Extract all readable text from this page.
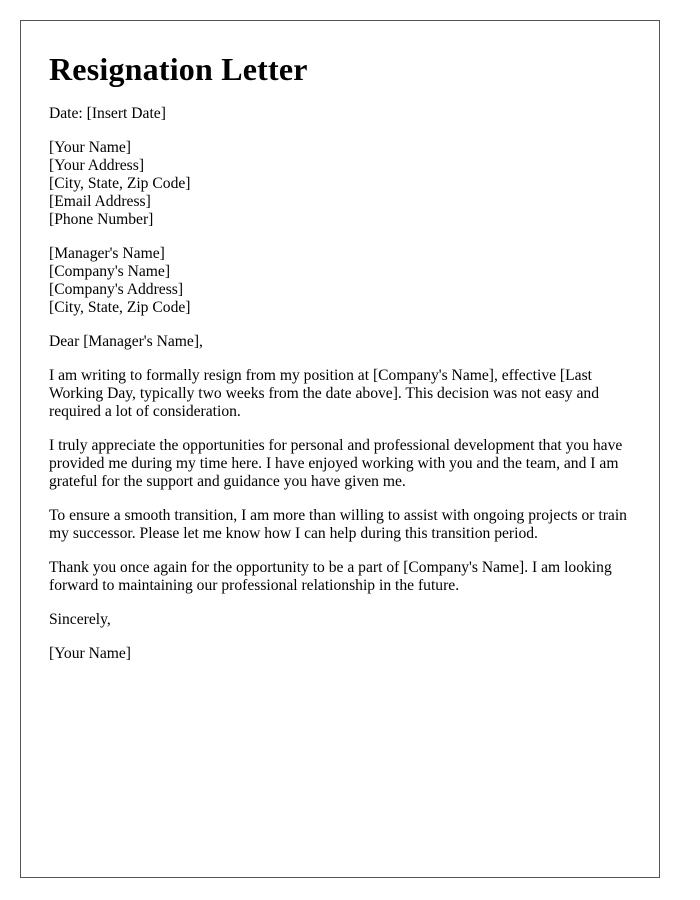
Resignation Letter

Date: [Insert Date]

[Your Name]
[Your Address]
[City, State, Zip Code]
[Email Address]
[Phone Number]
[Manager's Name]
[Company's Name]
[Company's Address]
[City, State, Zip Code]

Dear [Manager's Name],

I am writing to formally resign from my position at [Company's Name], effective [Last Working Day, typically two weeks from the date above]. This decision was not easy and required a lot of consideration.

I truly appreciate the opportunities for personal and professional development that you have provided me during my time here. I have enjoyed working with you and the team, and I am grateful for the support and guidance you have given me.

To ensure a smooth transition, I am more than willing to assist with ongoing projects or train my successor. Please let me know how I can help during this transition period.

Thank you once again for the opportunity to be a part of [Company's Name]. I am looking forward to maintaining our professional relationship in the future.

Sincerely,

[Your Name]
